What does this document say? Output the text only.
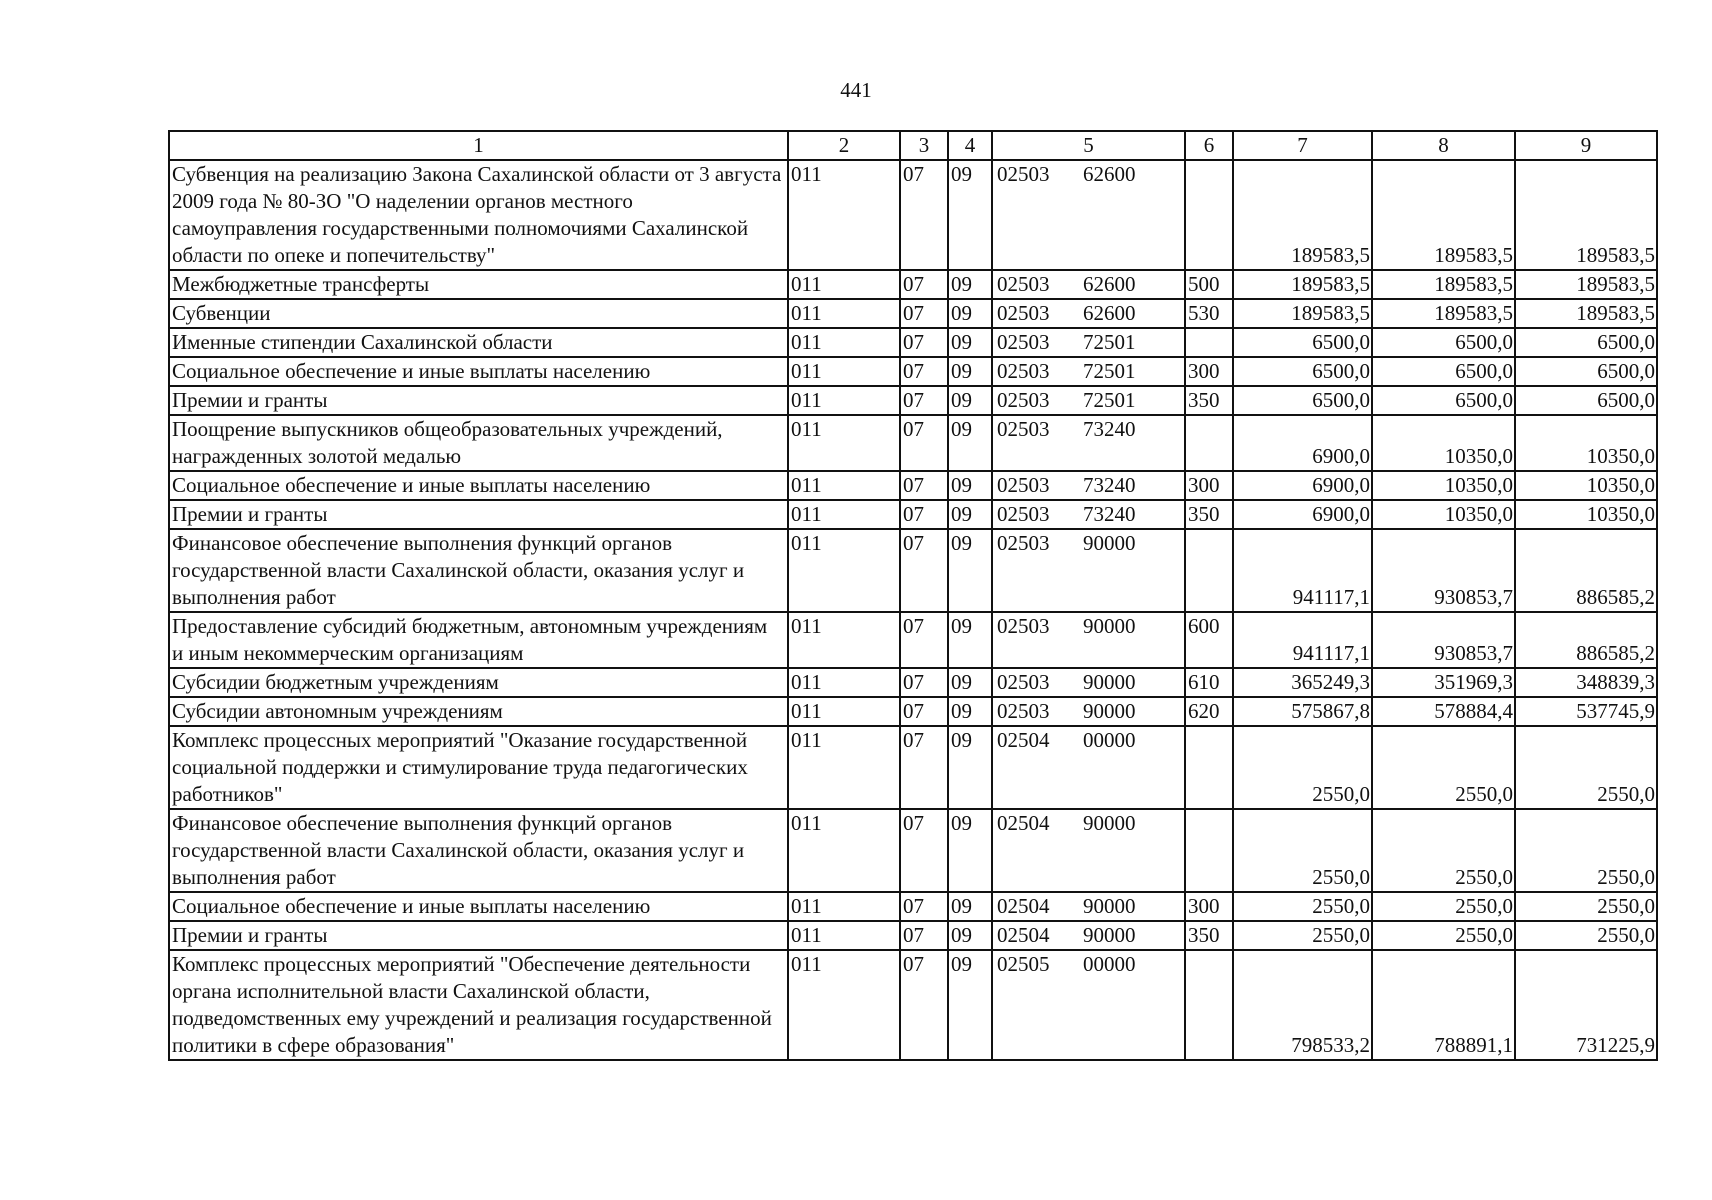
441
1	2	3	4	5	6	7	8	9
Субвенция на реализацию Закона Сахалинской области от 3 августа 2009 года № 80-ЗО "О наделении органов местного самоуправления государственными полномочиями Сахалинской области по опеке и попечительству"	011	07	09	02503 62600		189583,5	189583,5	189583,5
Межбюджетные трансферты	011	07	09	02503 62600	500	189583,5	189583,5	189583,5
Субвенции	011	07	09	02503 62600	530	189583,5	189583,5	189583,5
Именные стипендии Сахалинской области	011	07	09	02503 72501		6500,0	6500,0	6500,0
Социальное обеспечение и иные выплаты населению	011	07	09	02503 72501	300	6500,0	6500,0	6500,0
Премии и гранты	011	07	09	02503 72501	350	6500,0	6500,0	6500,0
Поощрение выпускников общеобразовательных учреждений, награжденных золотой медалью	011	07	09	02503 73240		6900,0	10350,0	10350,0
Социальное обеспечение и иные выплаты населению	011	07	09	02503 73240	300	6900,0	10350,0	10350,0
Премии и гранты	011	07	09	02503 73240	350	6900,0	10350,0	10350,0
Финансовое обеспечение выполнения функций органов государственной власти Сахалинской области, оказания услуг и выполнения работ	011	07	09	02503 90000		941117,1	930853,7	886585,2
Предоставление субсидий бюджетным, автономным учреждениям и иным некоммерческим организациям	011	07	09	02503 90000	600	941117,1	930853,7	886585,2
Субсидии бюджетным учреждениям	011	07	09	02503 90000	610	365249,3	351969,3	348839,3
Субсидии автономным учреждениям	011	07	09	02503 90000	620	575867,8	578884,4	537745,9
Комплекс процессных мероприятий "Оказание государственной социальной поддержки и стимулирование труда педагогических работников"	011	07	09	02504 00000		2550,0	2550,0	2550,0
Финансовое обеспечение выполнения функций органов государственной власти Сахалинской области, оказания услуг и выполнения работ	011	07	09	02504 90000		2550,0	2550,0	2550,0
Социальное обеспечение и иные выплаты населению	011	07	09	02504 90000	300	2550,0	2550,0	2550,0
Премии и гранты	011	07	09	02504 90000	350	2550,0	2550,0	2550,0
Комплекс процессных мероприятий "Обеспечение деятельности органа исполнительной власти Сахалинской области, подведомственных ему учреждений и реализация государственной политики в сфере образования"	011	07	09	02505 00000		798533,2	788891,1	731225,9
